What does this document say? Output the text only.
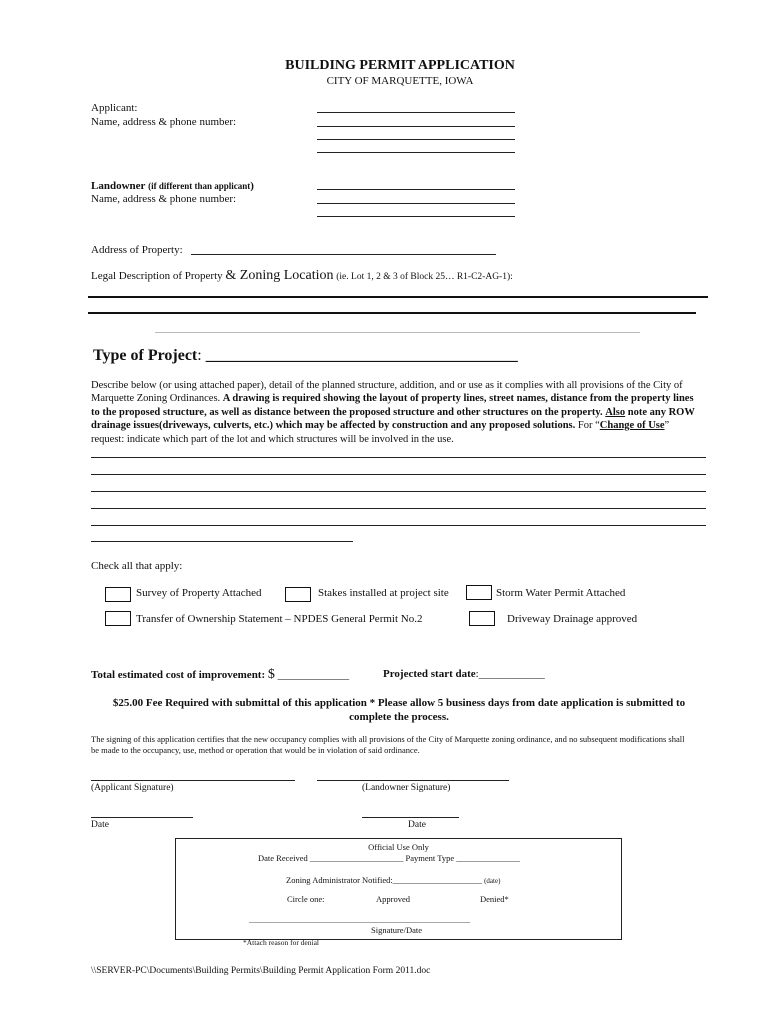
BUILDING PERMIT APPLICATION
CITY OF MARQUETTE, IOWA
Applicant:
Name, address & phone number:
Landowner (if different than applicant)
Name, address & phone number:
Address of Property:
Legal Description of Property & Zoning Location (ie. Lot 1, 2 & 3 of Block 25… R1-C2-AG-1):
Type of Project: _______________________________________
Describe below (or using attached paper), detail of the planned structure, addition, and or use as it complies with all provisions of the City of Marquette Zoning Ordinances. A drawing is required showing the layout of property lines, street names, distance from the property lines to the proposed structure, as well as distance between the proposed structure and other structures on the property. Also note any ROW drainage issues(driveways, culverts, etc.) which may be affected by construction and any proposed solutions. For “Change of Use” request: indicate which part of the lot and which structures will be involved in the use.
Check all that apply:
Survey of Property Attached	Stakes installed at project site	Storm Water Permit Attached
Transfer of Ownership Statement – NPDES General Permit No.2	Driveway Drainage approved
Total estimated cost of improvement: $ _____________	Projected start date:____________
$25.00 Fee Required with submittal of this application * Please allow 5 business days from date application is submitted to
complete the process.
The signing of this application certifies that the new occupancy complies with all provisions of the City of Marquette zoning ordinance, and no subsequent modifications shall be made to the occupancy, use, method or operation that would be in violation of said ordinance.
(Applicant Signature)	(Landowner Signature)
Date	Date
Official Use Only
Date Received ______________________ Payment Type _______________
Zoning Administrator Notified:_____________________ (date)
Circle one:	Approved	Denied*
___________________________________________________________
Signature/Date
*Attach reason for denial
\\SERVER-PC\Documents\Building Permits\Building Permit Application Form 2011.doc
